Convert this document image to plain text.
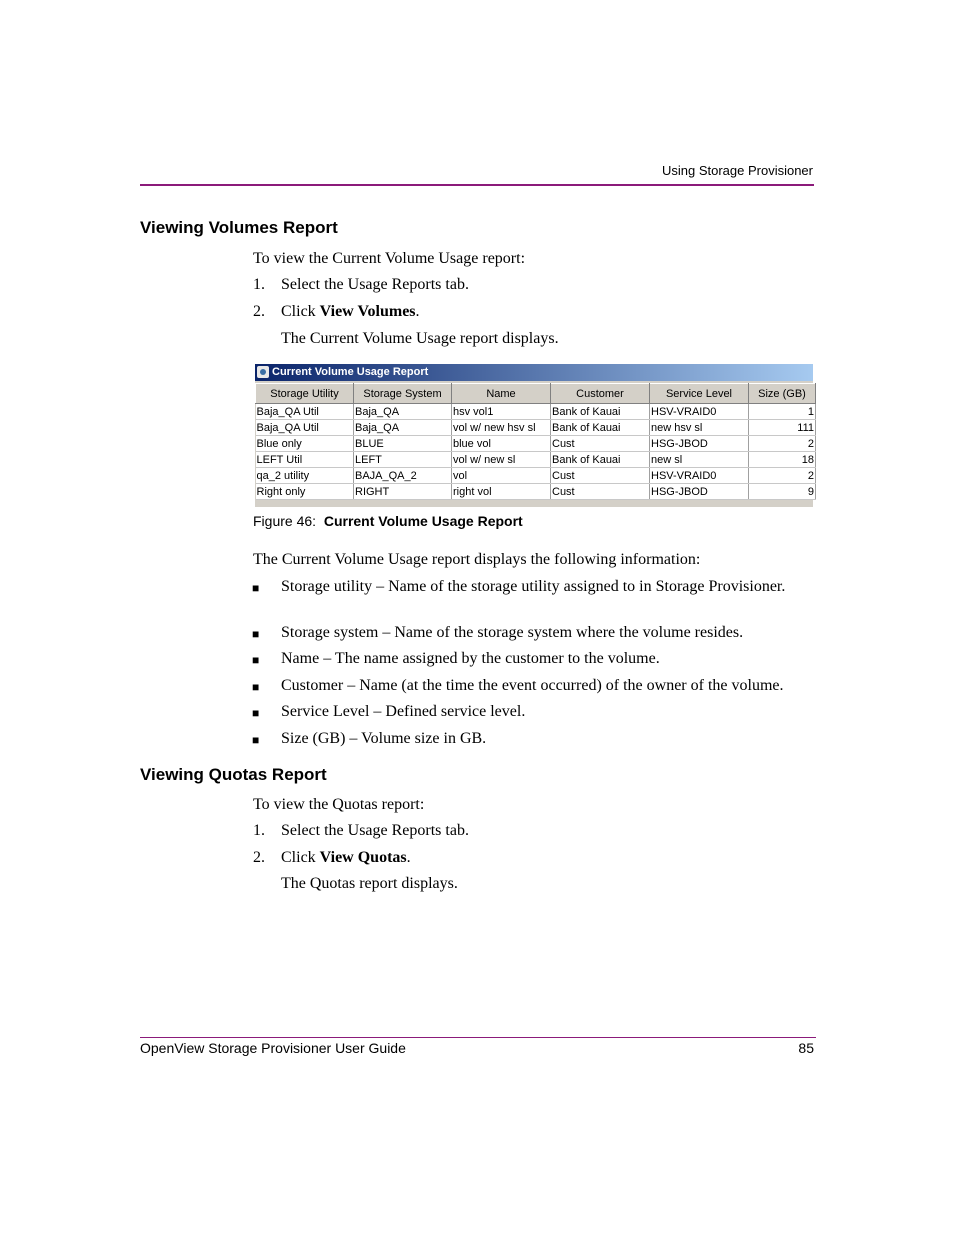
Using Storage Provisioner
Viewing Volumes Report
To view the Current Volume Usage report:
1. Select the Usage Reports tab.
2. Click View Volumes.
The Current Volume Usage report displays.
Current Volume Usage Report
Storage Utility	Storage System	Name	Customer	Service Level	Size (GB)
Baja_QA Util	Baja_QA	hsv vol1	Bank of Kauai	HSV-VRAID0	1
Baja_QA Util	Baja_QA	vol w/ new hsv sl	Bank of Kauai	new hsv sl	111
Blue only	BLUE	blue vol	Cust	HSG-JBOD	2
LEFT Util	LEFT	vol w/ new sl	Bank of Kauai	new sl	18
qa_2 utility	BAJA_QA_2	vol	Cust	HSV-VRAID0	2
Right only	RIGHT	right vol	Cust	HSG-JBOD	9
Figure 46: Current Volume Usage Report
The Current Volume Usage report displays the following information:
■ Storage utility – Name of the storage utility assigned to in Storage Provisioner.
■ Storage system – Name of the storage system where the volume resides.
■ Name – The name assigned by the customer to the volume.
■ Customer – Name (at the time the event occurred) of the owner of the volume.
■ Service Level – Defined service level.
■ Size (GB) – Volume size in GB.
Viewing Quotas Report
To view the Quotas report:
1. Select the Usage Reports tab.
2. Click View Quotas.
The Quotas report displays.
OpenView Storage Provisioner User Guide	85
